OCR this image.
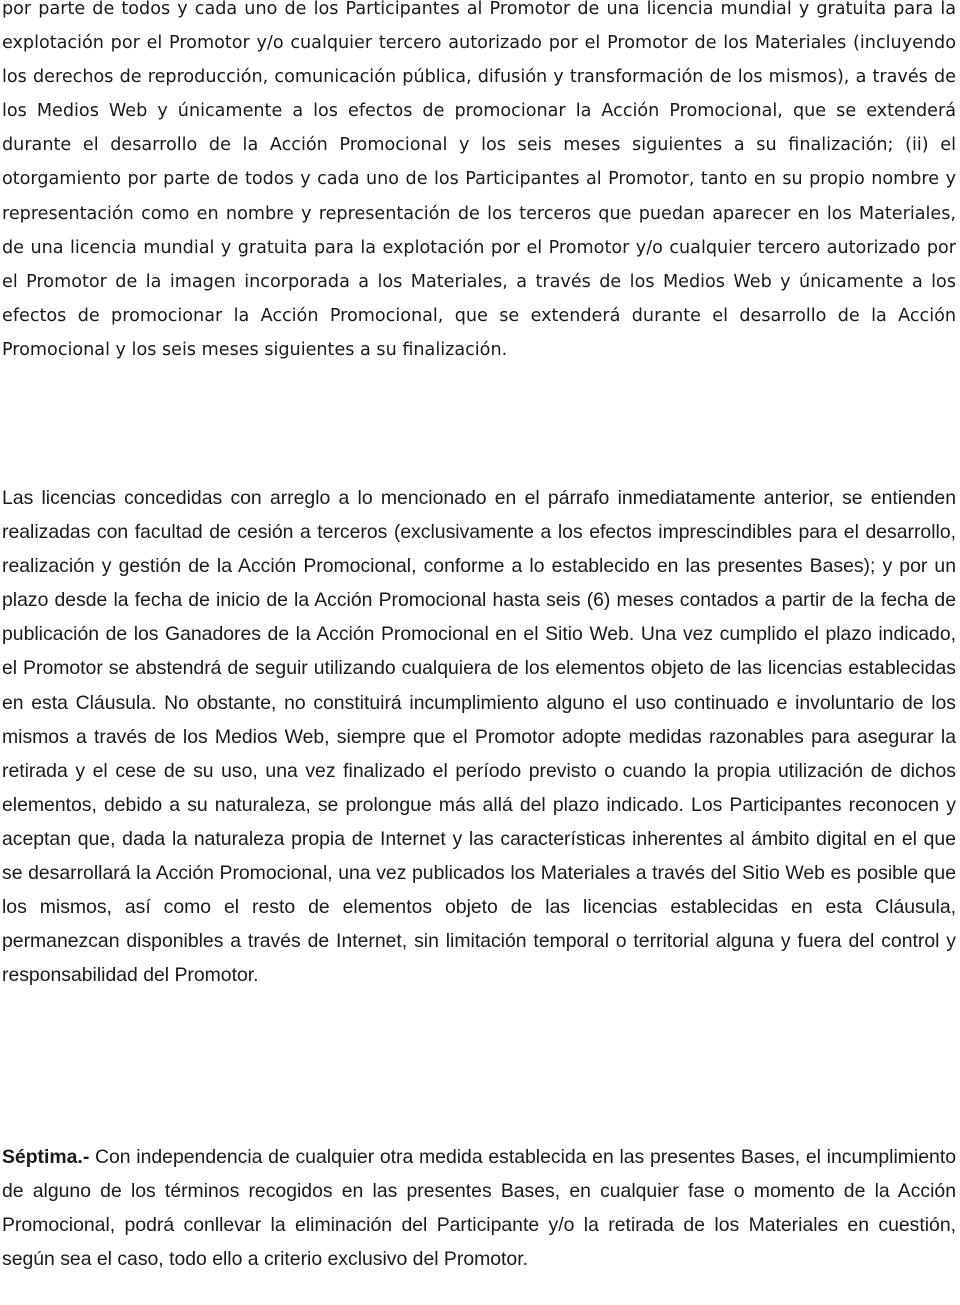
por parte de todos y cada uno de los Participantes al Promotor de una licencia mundial y gratuita para la explotación por el Promotor y/o cualquier tercero autorizado por el Promotor de los Materiales (incluyendo los derechos de reproducción, comunicación pública, difusión y transformación de los mismos), a través de los Medios Web y únicamente a los efectos de promocionar la Acción Promocional, que se extenderá durante el desarrollo de la Acción Promocional y los seis meses siguientes a su finalización; (ii) el otorgamiento por parte de todos y cada uno de los Participantes al Promotor, tanto en su propio nombre y representación como en nombre y representación de los terceros que puedan aparecer en los Materiales, de una licencia mundial y gratuita para la explotación por el Promotor y/o cualquier tercero autorizado por el Promotor de la imagen incorporada a los Materiales, a través de los Medios Web y únicamente a los efectos de promocionar la Acción Promocional, que se extenderá durante el desarrollo de la Acción Promocional y los seis meses siguientes a su finalización.

Las licencias concedidas con arreglo a lo mencionado en el párrafo inmediatamente anterior, se entienden realizadas con facultad de cesión a terceros (exclusivamente a los efectos imprescindibles para el desarrollo, realización y gestión de la Acción Promocional, conforme a lo establecido en las presentes Bases); y por un plazo desde la fecha de inicio de la Acción Promocional hasta seis (6) meses contados a partir de la fecha de publicación de los Ganadores de la Acción Promocional en el Sitio Web. Una vez cumplido el plazo indicado, el Promotor se abstendrá de seguir utilizando cualquiera de los elementos objeto de las licencias establecidas en esta Cláusula. No obstante, no constituirá incumplimiento alguno el uso continuado e involuntario de los mismos a través de los Medios Web, siempre que el Promotor adopte medidas razonables para asegurar la retirada y el cese de su uso, una vez finalizado el período previsto o cuando la propia utilización de dichos elementos, debido a su naturaleza, se prolongue más allá del plazo indicado. Los Participantes reconocen y aceptan que, dada la naturaleza propia de Internet y las características inherentes al ámbito digital en el que se desarrollará la Acción Promocional, una vez publicados los Materiales a través del Sitio Web es posible que los mismos, así como el resto de elementos objeto de las licencias establecidas en esta Cláusula, permanezcan disponibles a través de Internet, sin limitación temporal o territorial alguna y fuera del control y responsabilidad del Promotor.

Séptima.- Con independencia de cualquier otra medida establecida en las presentes Bases, el incumplimiento de alguno de los términos recogidos en las presentes Bases, en cualquier fase o momento de la Acción Promocional, podrá conllevar la eliminación del Participante y/o la retirada de los Materiales en cuestión, según sea el caso, todo ello a criterio exclusivo del Promotor.
